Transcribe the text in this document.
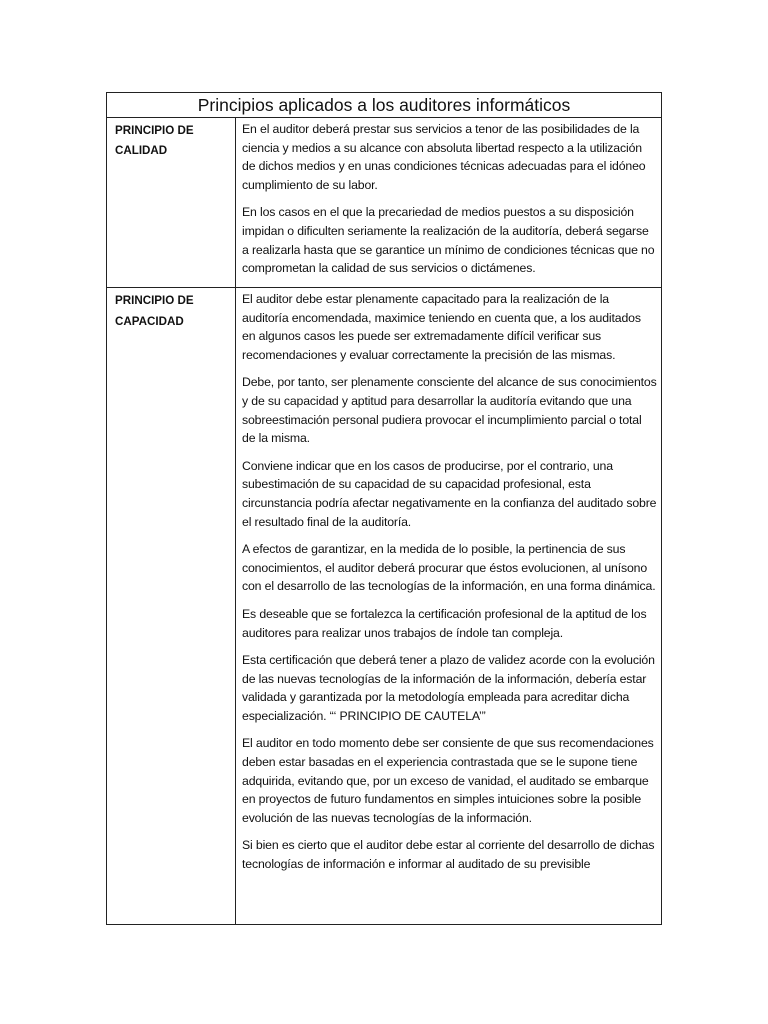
Principios aplicados a los auditores informáticos
PRINCIPIO DE CALIDAD

En el auditor deberá prestar sus servicios a tenor de las posibilidades de la ciencia y medios a su alcance con absoluta libertad respecto a la utilización de dichos medios y en unas condiciones técnicas adecuadas para el idóneo cumplimiento de su labor.

En los casos en el que la precariedad de medios puestos a su disposición impidan o dificulten seriamente la realización de la auditoría, deberá segarse a realizarla hasta que se garantice un mínimo de condiciones técnicas que no comprometan la calidad de sus servicios o dictámenes.

PRINCIPIO DE CAPACIDAD

El auditor debe estar plenamente capacitado para la realización de la auditoría encomendada, maximice teniendo en cuenta que, a los auditados en algunos casos les puede ser extremadamente difícil verificar sus recomendaciones y evaluar correctamente la precisión de las mismas.

Debe, por tanto, ser plenamente consciente del alcance de sus conocimientos y de su capacidad y aptitud para desarrollar la auditoría evitando que una sobreestimación personal pudiera provocar el incumplimiento parcial o total de la misma.

Conviene indicar que en los casos de producirse, por el contrario, una subestimación de su capacidad de su capacidad profesional, esta circunstancia podría afectar negativamente en la confianza del auditado sobre el resultado final de la auditoría.

A efectos de garantizar, en la medida de lo posible, la pertinencia de sus conocimientos, el auditor deberá procurar que éstos evolucionen, al unísono con el desarrollo de las tecnologías de la información, en una forma dinámica.

Es deseable que se fortalezca la certificación profesional de la aptitud de los auditores para realizar unos trabajos de índole tan compleja.

Esta certificación que deberá tener a plazo de validez acorde con la evolución de las nuevas tecnologías de la información de la información, debería estar validada y garantizada por la metodología empleada para acreditar dicha especialización. “‘ PRINCIPIO DE CAUTELA’”

El auditor en todo momento debe ser consiente de que sus recomendaciones deben estar basadas en el experiencia contrastada que se le supone tiene adquirida, evitando que, por un exceso de vanidad, el auditado se embarque en proyectos de futuro fundamentos en simples intuiciones sobre la posible evolución de las nuevas tecnologías de la información.

Si bien es cierto que el auditor debe estar al corriente del desarrollo de dichas tecnologías de información e informar al auditado de su previsible
